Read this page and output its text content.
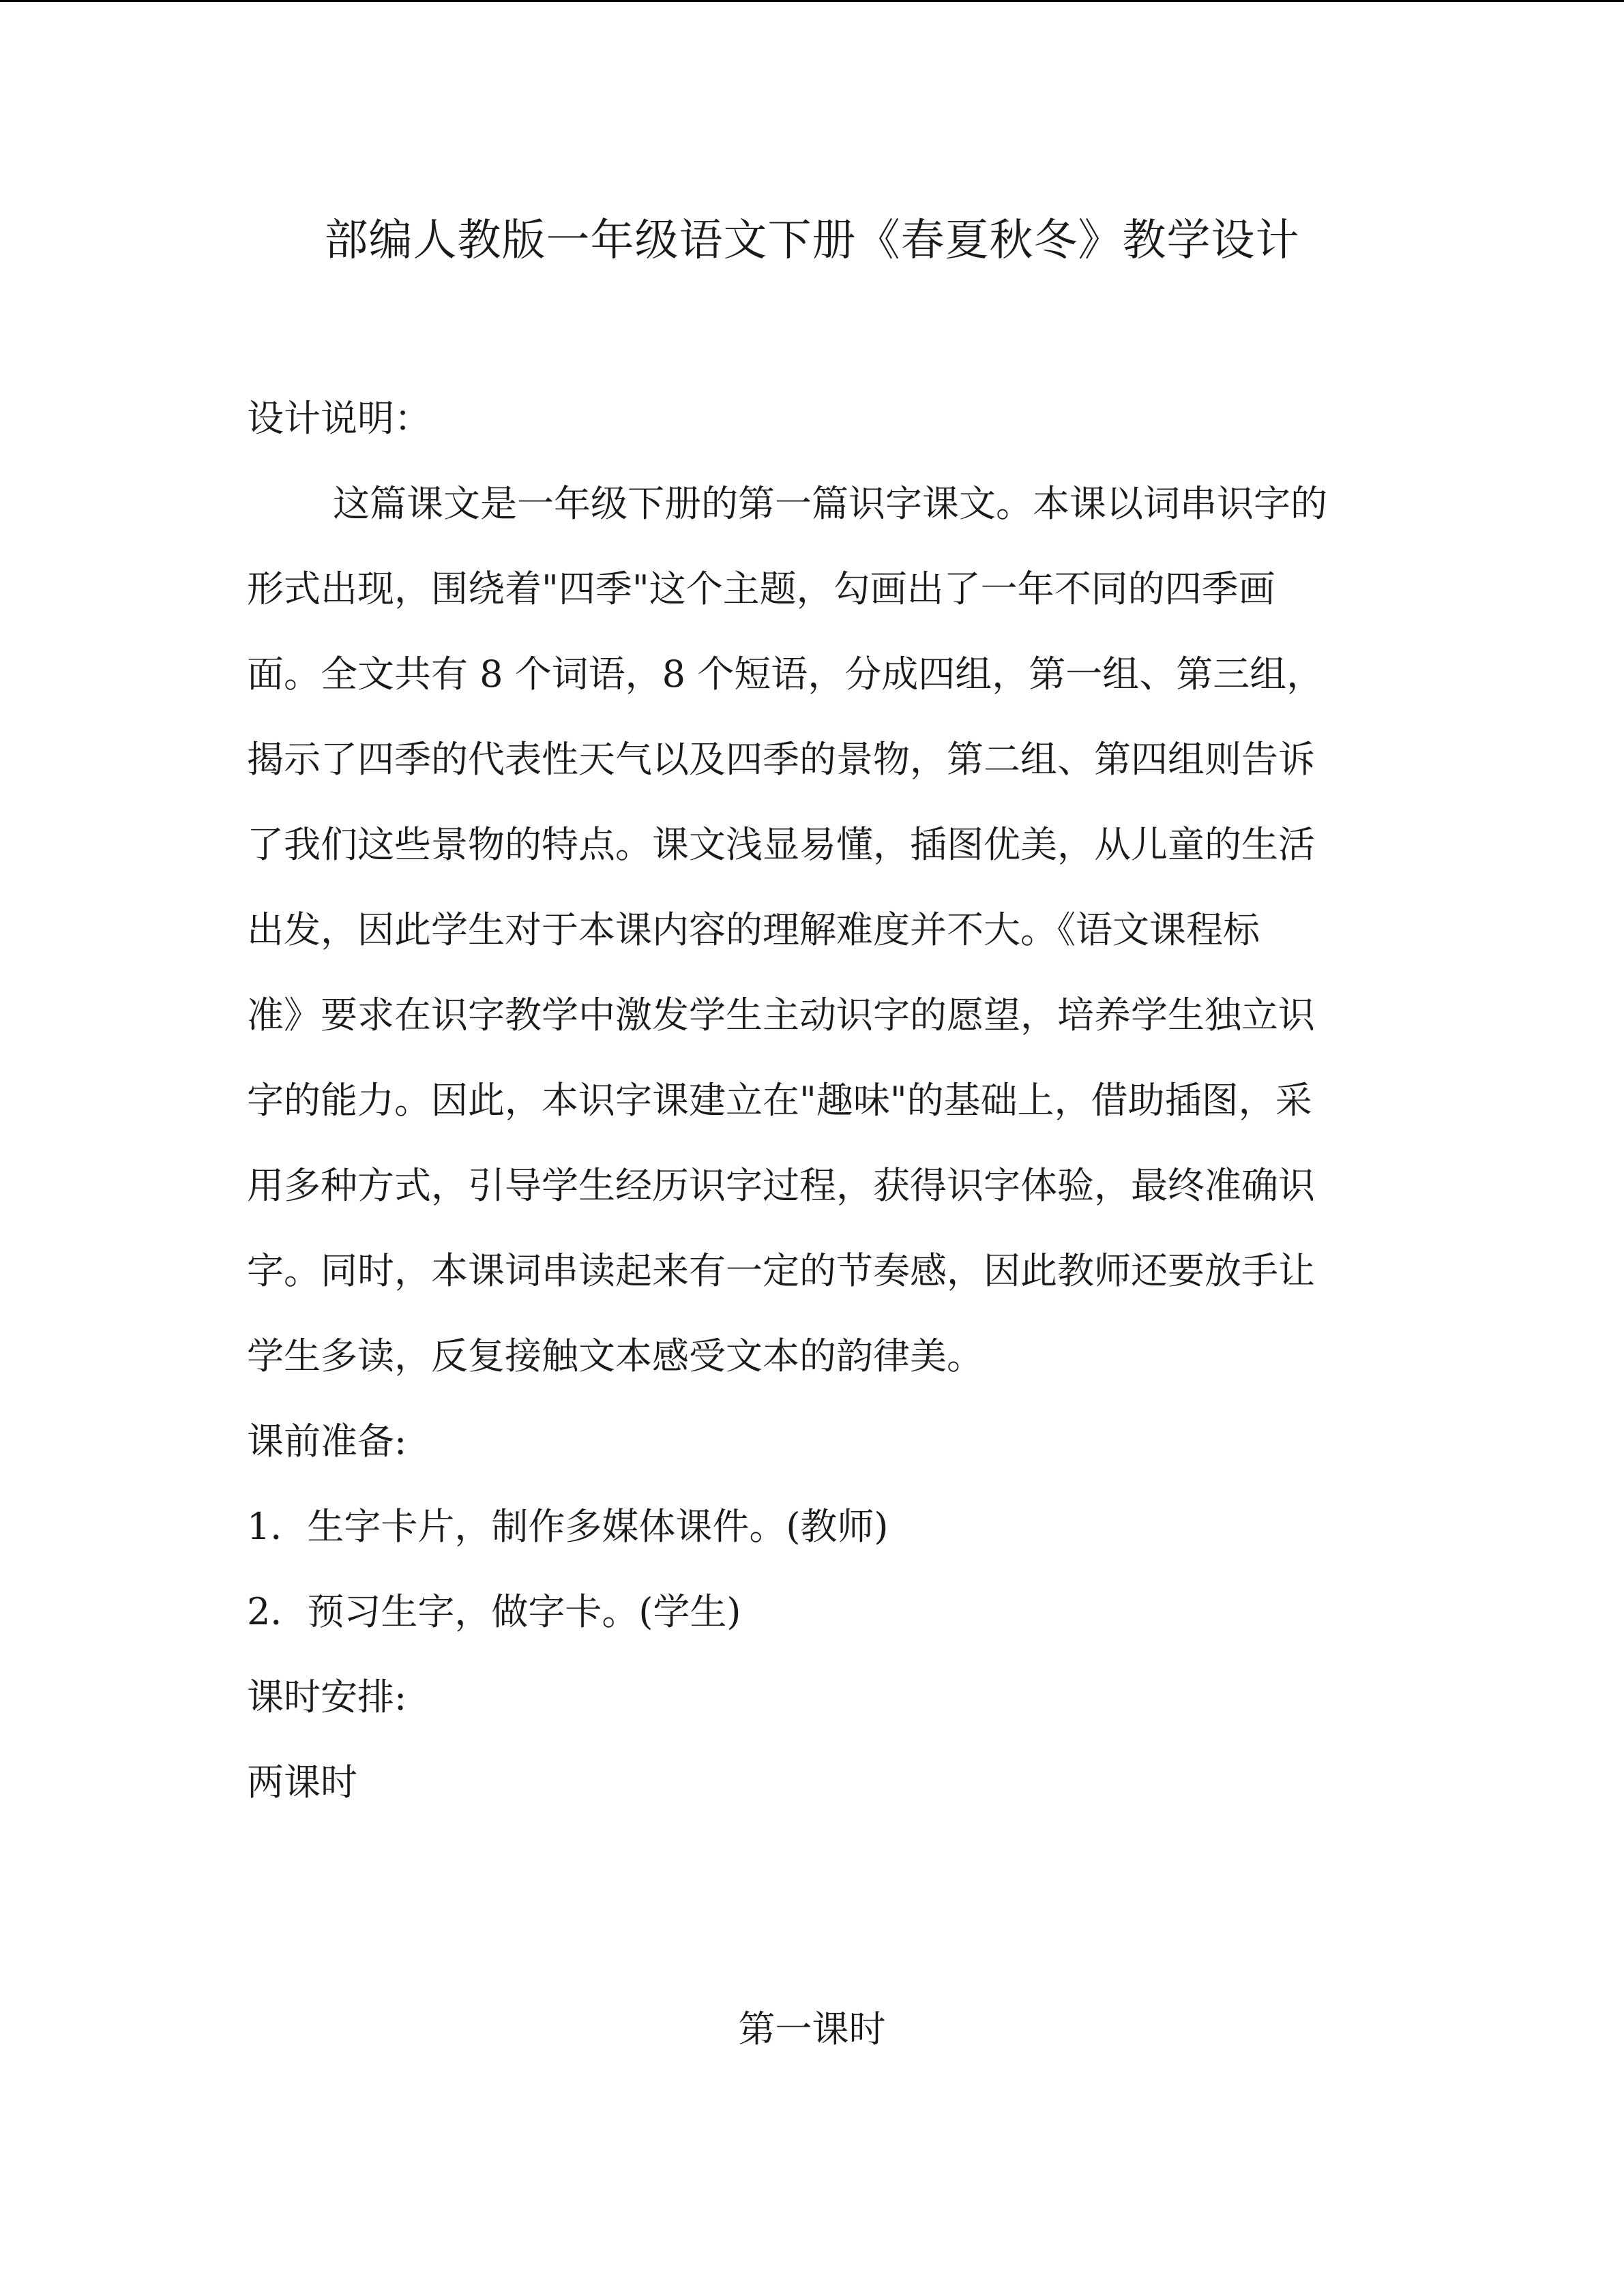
部编人教版一年级语文下册《春夏秋冬》教学设计

设计说明：

这篇课文是一年级下册的第一篇识字课文。本课以词串识字的

形式出现，围绕着"四季"这个主题，勾画出了一年不同的四季画

面。全文共有 8 个词语，8 个短语，分成四组，第一组、第三组，

揭示了四季的代表性天气以及四季的景物，第二组、第四组则告诉

了我们这些景物的特点。课文浅显易懂，插图优美，从儿童的生活

出发，因此学生对于本课内容的理解难度并不大。《语文课程标

准》要求在识字教学中激发学生主动识字的愿望，培养学生独立识

字的能力。因此，本识字课建立在"趣味"的基础上，借助插图，采

用多种方式，引导学生经历识字过程，获得识字体验，最终准确识

字。同时，本课词串读起来有一定的节奏感，因此教师还要放手让

学生多读，反复接触文本感受文本的韵律美。

课前准备:

1．生字卡片，制作多媒体课件。(教师)

2．预习生字，做字卡。(学生)

课时安排:

两课时

第一课时
